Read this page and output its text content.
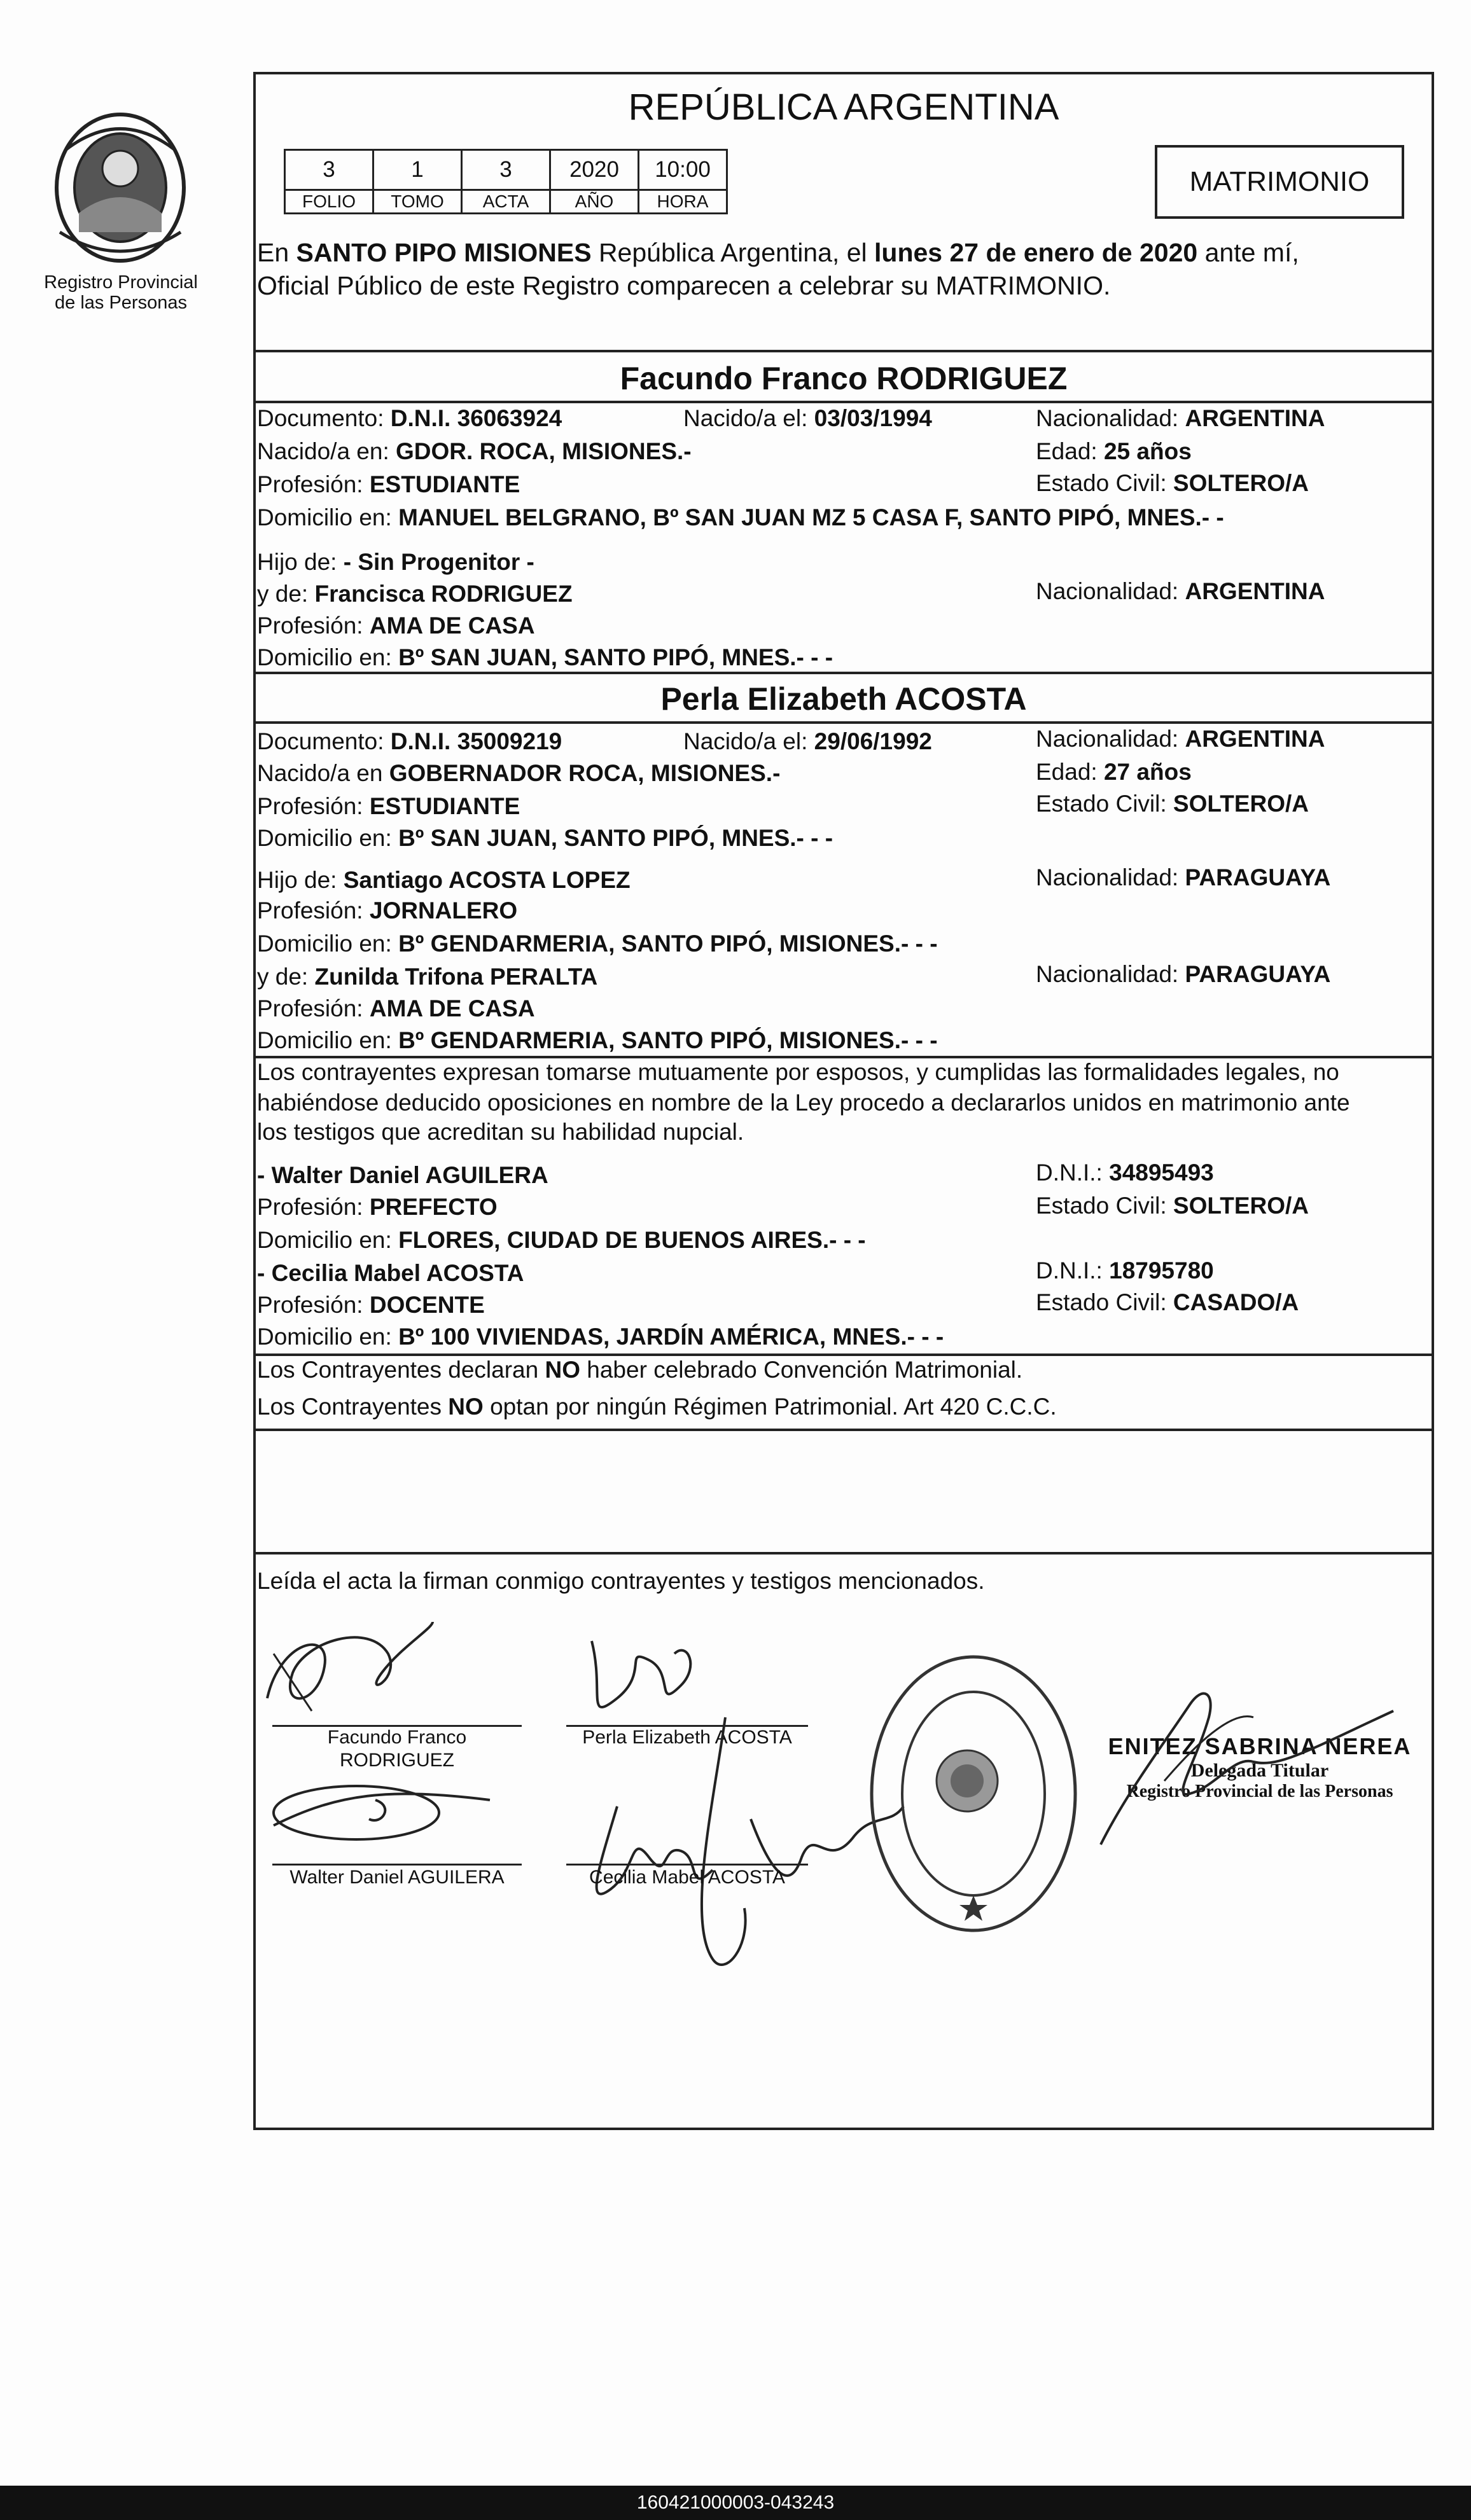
Registro Provincial
de las Personas
REPÚBLICA ARGENTINA
3	1	3	2020	10:00
FOLIO	TOMO	ACTA	AÑO	HORA
MATRIMONIO
En SANTO PIPO MISIONES República Argentina, el lunes 27 de enero de 2020 ante mí,
Oficial Público de este Registro comparecen a celebrar su MATRIMONIO.
Facundo Franco RODRIGUEZ
Documento: D.N.I. 36063924	Nacido/a el: 03/03/1994	Nacionalidad: ARGENTINA
Nacido/a en: GDOR. ROCA, MISIONES.-	Edad: 25 años
Profesión: ESTUDIANTE	Estado Civil: SOLTERO/A
Domicilio en: MANUEL BELGRANO, Bº SAN JUAN MZ 5 CASA F, SANTO PIPÓ, MNES.- -
Hijo de: - Sin Progenitor -
y de: Francisca RODRIGUEZ	Nacionalidad: ARGENTINA
Profesión: AMA DE CASA
Domicilio en: Bº SAN JUAN, SANTO PIPÓ, MNES.- - -
Perla Elizabeth ACOSTA
Documento: D.N.I. 35009219	Nacido/a el: 29/06/1992	Nacionalidad: ARGENTINA
Nacido/a en GOBERNADOR ROCA, MISIONES.-	Edad: 27 años
Profesión: ESTUDIANTE	Estado Civil: SOLTERO/A
Domicilio en: Bº SAN JUAN, SANTO PIPÓ, MNES.- - -
Hijo de: Santiago ACOSTA LOPEZ	Nacionalidad: PARAGUAYA
Profesión: JORNALERO
Domicilio en: Bº GENDARMERIA, SANTO PIPÓ, MISIONES.- - -
y de: Zunilda Trifona PERALTA	Nacionalidad: PARAGUAYA
Profesión: AMA DE CASA
Domicilio en: Bº GENDARMERIA, SANTO PIPÓ, MISIONES.- - -
Los contrayentes expresan tomarse mutuamente por esposos, y cumplidas las formalidades legales, no
habiéndose deducido oposiciones en nombre de la Ley procedo a declararlos unidos en matrimonio ante
los testigos que acreditan su habilidad nupcial.
- Walter Daniel AGUILERA	D.N.I.: 34895493
Profesión: PREFECTO	Estado Civil: SOLTERO/A
Domicilio en: FLORES, CIUDAD DE BUENOS AIRES.- - -
- Cecilia Mabel ACOSTA	D.N.I.: 18795780
Profesión: DOCENTE	Estado Civil: CASADO/A
Domicilio en: Bº 100 VIVIENDAS, JARDÍN AMÉRICA, MNES.- - -
Los Contrayentes declaran NO haber celebrado Convención Matrimonial.
Los Contrayentes NO optan por ningún Régimen Patrimonial. Art 420 C.C.C.
Leída el acta la firman conmigo contrayentes y testigos mencionados.
Facundo Franco
RODRIGUEZ
Perla Elizabeth ACOSTA
Walter Daniel AGUILERA	Cecilia Mabel ACOSTA
ENITEZ SABRINA NEREA
Delegada Titular
Registro Provincial de las Personas
160421000003-043243
